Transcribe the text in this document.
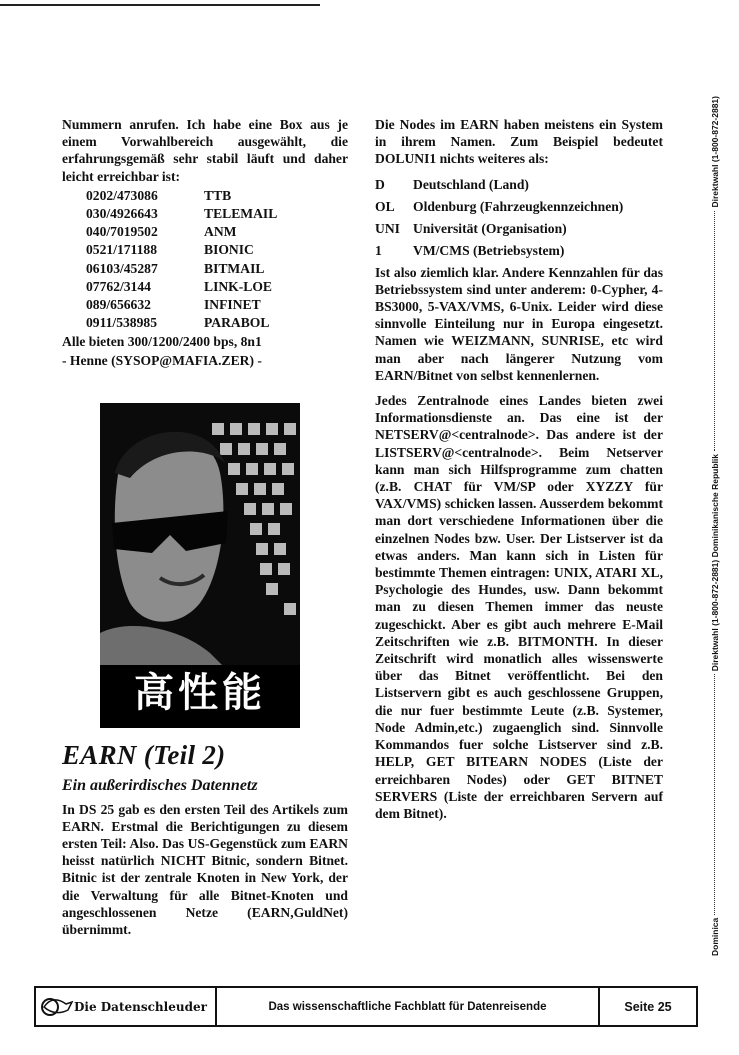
Nummern anrufen. Ich habe eine Box aus je einem Vorwahlbereich ausgewählt, die erfahrungsgemäß sehr stabil läuft und daher leicht erreichbar ist:

0202/473086	TTB
030/4926643	TELEMAIL
040/7019502	ANM
0521/171188	BIONIC
06103/45287	BITMAIL
07762/3144	LINK-LOE
089/656632	INFINET
0911/538985	PARABOL

Alle bieten 300/1200/2400 bps, 8n1

- Henne (SYSOP@MAFIA.ZER) -

高性能
EARN (Teil 2)
Ein außerirdisches Datennetz

In DS 25 gab es den ersten Teil des Artikels zum EARN. Erstmal die Berichtigungen zu diesem ersten Teil: Also. Das US-Gegenstück zum EARN heisst natürlich NICHT Bitnic, sondern Bitnet. Bitnic ist der zentrale Knoten in New York, der die Verwaltung für alle Bitnet-Knoten und angeschlossenen Netze (EARN,GuldNet) übernimmt.

Die Nodes im EARN haben meistens ein System in ihrem Namen. Zum Beispiel bedeutet DOLUNI1 nichts weiteres als:

D	Deutschland (Land)
OL	Oldenburg (Fahrzeugkennzeichnen)
UNI Universität (Organisation)
1	VM/CMS (Betriebsystem)

Ist also ziemlich klar. Andere Kennzahlen für das Betriebssystem sind unter anderem: 0-Cypher, 4-BS3000, 5-VAX/VMS, 6-Unix. Leider wird diese sinnvolle Einteilung nur in Europa eingesetzt. Namen wie WEIZMANN, SUNRISE, etc wird man aber nach längerer Nutzung vom EARN/Bitnet von selbst kennenlernen.

Jedes Zentralnode eines Landes bieten zwei Informationsdienste an. Das eine ist der NETSERV@<centralnode>. Das andere ist der LISTSERV@<centralnode>. Beim Netserver kann man sich Hilfsprogramme zum chatten (z.B. CHAT für VM/SP oder XYZZY für VAX/VMS) schicken lassen. Ausserdem bekommt man dort verschiedene Informationen über die einzelnen Nodes bzw. User. Der Listserver ist da etwas anders. Man kann sich in Listen für bestimmte Themen eintragen: UNIX, ATARI XL, Psychologie des Hundes, usw. Dann bekommt man zu diesen Themen immer das neuste zugeschickt. Aber es gibt auch mehrere E-Mail Zeitschriften wie z.B. BITMONTH. In dieser Zeitschrift wird monatlich alles wissenswerte über das Bitnet veröffentlicht. Bei den Listservern gibt es auch geschlossene Gruppen, die nur fuer bestimmte Leute (z.B. Systemer, Node Admin,etc.) zugaenglich sind. Sinnvolle Kommandos fuer solche Listserver sind z.B. HELP, GET BITEARN NODES (Liste der erreichbaren Nodes) oder GET BITNET SERVERS (Liste der erreichbaren Servern auf dem Bitnet).

Dominica
Direktwahl (1-800-872-2881) Dominikanische Republik
Direktwahl (1-800-872-2881)
Die Datenschleuder	Das wissenschaftliche Fachblatt für Datenreisende	Seite 25
